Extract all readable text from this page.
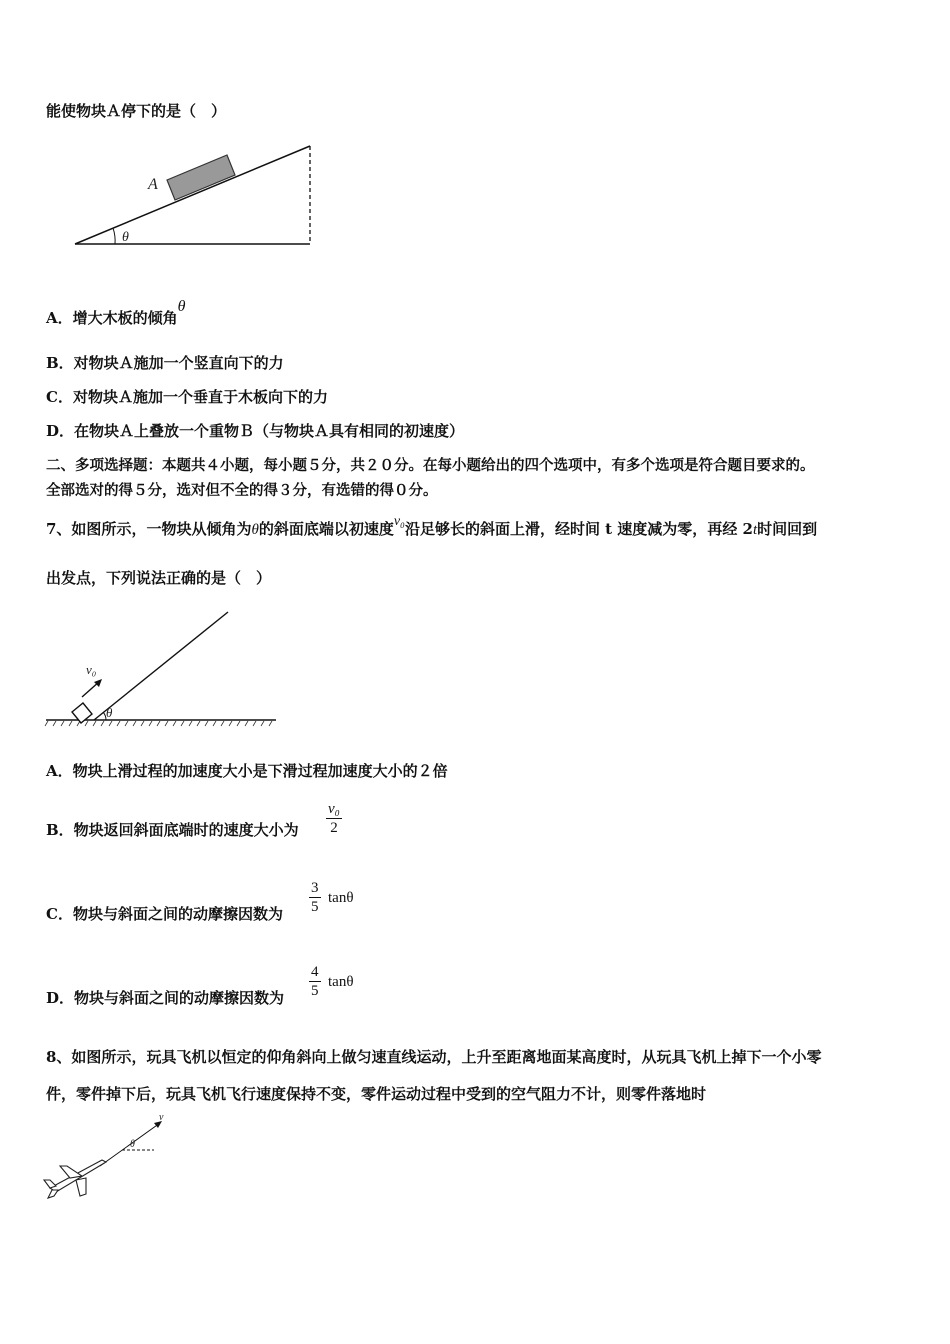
能使物块Ａ停下的是（　）
A
θ
A．增大木板的倾角θ
B．对物块Ａ施加一个竖直向下的力
C．对物块Ａ施加一个垂直于木板向下的力
D．在物块Ａ上叠放一个重物Ｂ（与物块Ａ具有相同的初速度）
二、多项选择题：本题共４小题，每小题５分，共２０分。在每小题给出的四个选项中，有多个选项是符合题目要求的。
全部选对的得５分，选对但不全的得３分，有选错的得０分。
7、如图所示，一物块从倾角为θ的斜面底端以初速度v₀沿足够长的斜面上滑，经时间 t 速度减为零，再经 2t时间回到
出发点，下列说法正确的是（　）
v₀
θ
A．物块上滑过程的加速度大小是下滑过程加速度大小的２倍
B．物块返回斜面底端时的速度大小为 $\frac{\text{v₀}}{2}$
C．物块与斜面之间的动摩擦因数为 $\frac{3}{5}$ tanθ
D．物块与斜面之间的动摩擦因数为 $\frac{4}{5}$ tanθ
8、如图所示，玩具飞机以恒定的仰角斜向上做匀速直线运动，上升至距离地面某高度时，从玩具飞机上掉下一个小零
件，零件掉下后，玩具飞机飞行速度保持不变，零件运动过程中受到的空气阻力不计，则零件落地时
v
θ
